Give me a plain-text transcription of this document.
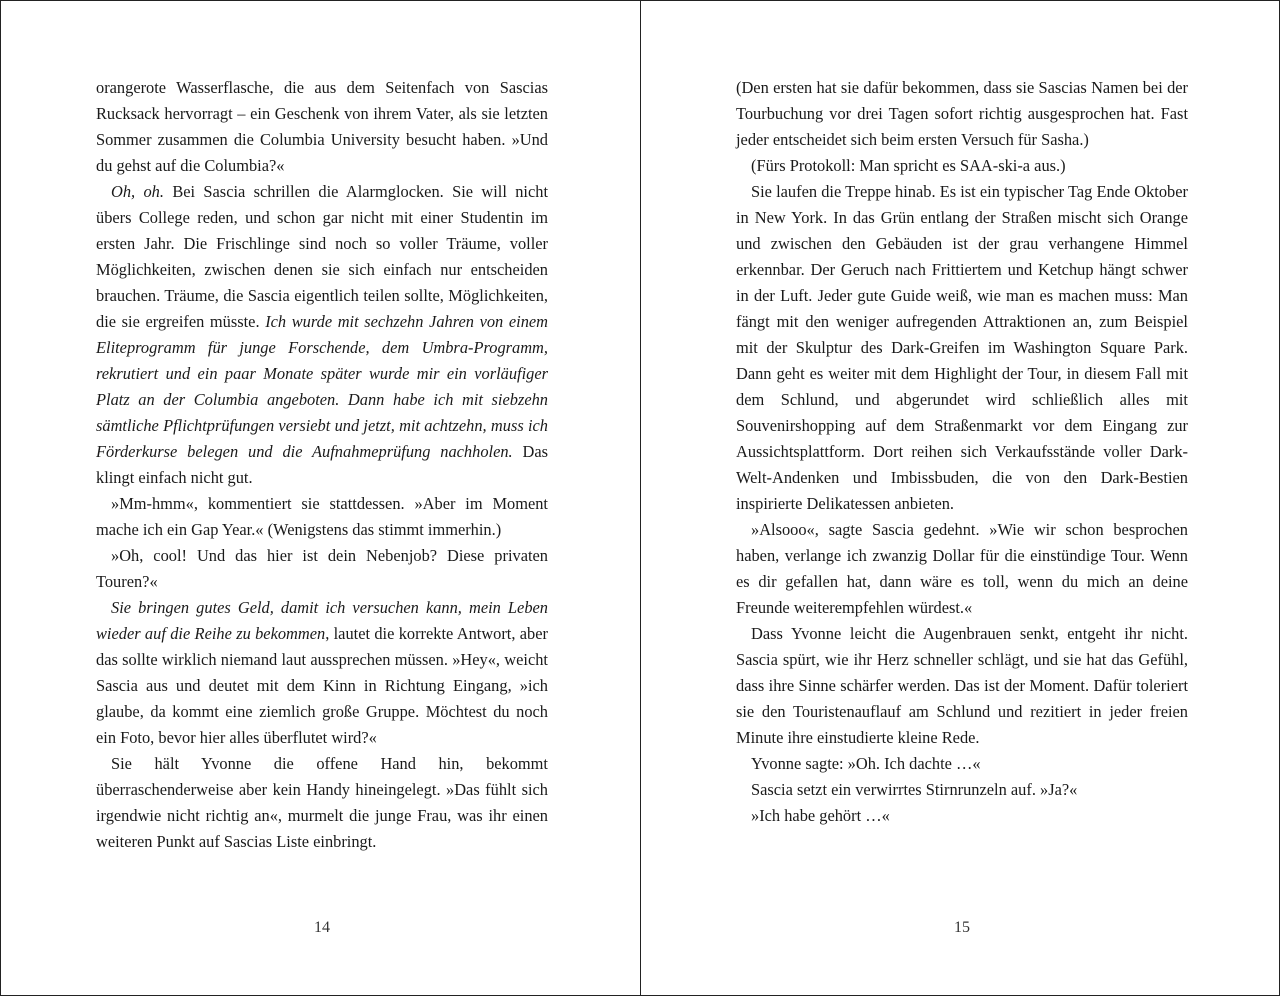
orangerote Wasserflasche, die aus dem Seitenfach von Sascias Rucksack hervorragt – ein Geschenk von ihrem Vater, als sie letzten Sommer zusammen die Columbia University besucht haben. »Und du gehst auf die Columbia?«

Oh, oh. Bei Sascia schrillen die Alarmglocken. Sie will nicht übers College reden, und schon gar nicht mit einer Studentin im ersten Jahr. Die Frischlinge sind noch so voller Träume, voller Möglichkeiten, zwischen denen sie sich einfach nur entscheiden brauchen. Träume, die Sascia eigentlich teilen sollte, Möglichkeiten, die sie ergreifen müsste. Ich wurde mit sechzehn Jahren von einem Eliteprogramm für junge Forschende, dem Umbra-Programm, rekrutiert und ein paar Monate später wurde mir ein vorläufiger Platz an der Columbia angeboten. Dann habe ich mit siebzehn sämtliche Pflichtprüfungen versiebt und jetzt, mit achtzehn, muss ich Förderkurse belegen und die Aufnahmeprüfung nachholen. Das klingt einfach nicht gut.

»Mm-hmm«, kommentiert sie stattdessen. »Aber im Moment mache ich ein Gap Year.« (Wenigstens das stimmt immerhin.)

»Oh, cool! Und das hier ist dein Nebenjob? Diese privaten Touren?«

Sie bringen gutes Geld, damit ich versuchen kann, mein Leben wieder auf die Reihe zu bekommen, lautet die korrekte Antwort, aber das sollte wirklich niemand laut aussprechen müssen. »Hey«, weicht Sascia aus und deutet mit dem Kinn in Richtung Eingang, »ich glaube, da kommt eine ziemlich große Gruppe. Möchtest du noch ein Foto, bevor hier alles überflutet wird?«

Sie hält Yvonne die offene Hand hin, bekommt überraschenderweise aber kein Handy hineingelegt. »Das fühlt sich irgendwie nicht richtig an«, murmelt die junge Frau, was ihr einen weiteren Punkt auf Sascias Liste einbringt.

14

(Den ersten hat sie dafür bekommen, dass sie Sascias Namen bei der Tourbuchung vor drei Tagen sofort richtig ausgesprochen hat. Fast jeder entscheidet sich beim ersten Versuch für Sasha.)

(Fürs Protokoll: Man spricht es SAA-ski-a aus.)

Sie laufen die Treppe hinab. Es ist ein typischer Tag Ende Oktober in New York. In das Grün entlang der Straßen mischt sich Orange und zwischen den Gebäuden ist der grau verhangene Himmel erkennbar. Der Geruch nach Frittiertem und Ketchup hängt schwer in der Luft. Jeder gute Guide weiß, wie man es machen muss: Man fängt mit den weniger aufregenden Attraktionen an, zum Beispiel mit der Skulptur des Dark-Greifen im Washington Square Park. Dann geht es weiter mit dem Highlight der Tour, in diesem Fall mit dem Schlund, und abgerundet wird schließlich alles mit Souvenirshopping auf dem Straßenmarkt vor dem Eingang zur Aussichtsplattform. Dort reihen sich Verkaufsstände voller Dark-Welt-Andenken und Imbissbuden, die von den Dark-Bestien inspirierte Delikatessen anbieten.

»Alsooo«, sagte Sascia gedehnt. »Wie wir schon besprochen haben, verlange ich zwanzig Dollar für die einstündige Tour. Wenn es dir gefallen hat, dann wäre es toll, wenn du mich an deine Freunde weiterempfehlen würdest.«

Dass Yvonne leicht die Augenbrauen senkt, entgeht ihr nicht. Sascia spürt, wie ihr Herz schneller schlägt, und sie hat das Gefühl, dass ihre Sinne schärfer werden. Das ist der Moment. Dafür toleriert sie den Touristenauflauf am Schlund und rezitiert in jeder freien Minute ihre einstudierte kleine Rede.

Yvonne sagte: »Oh. Ich dachte …«

Sascia setzt ein verwirrtes Stirnrunzeln auf. »Ja?«

»Ich habe gehört …«

15
